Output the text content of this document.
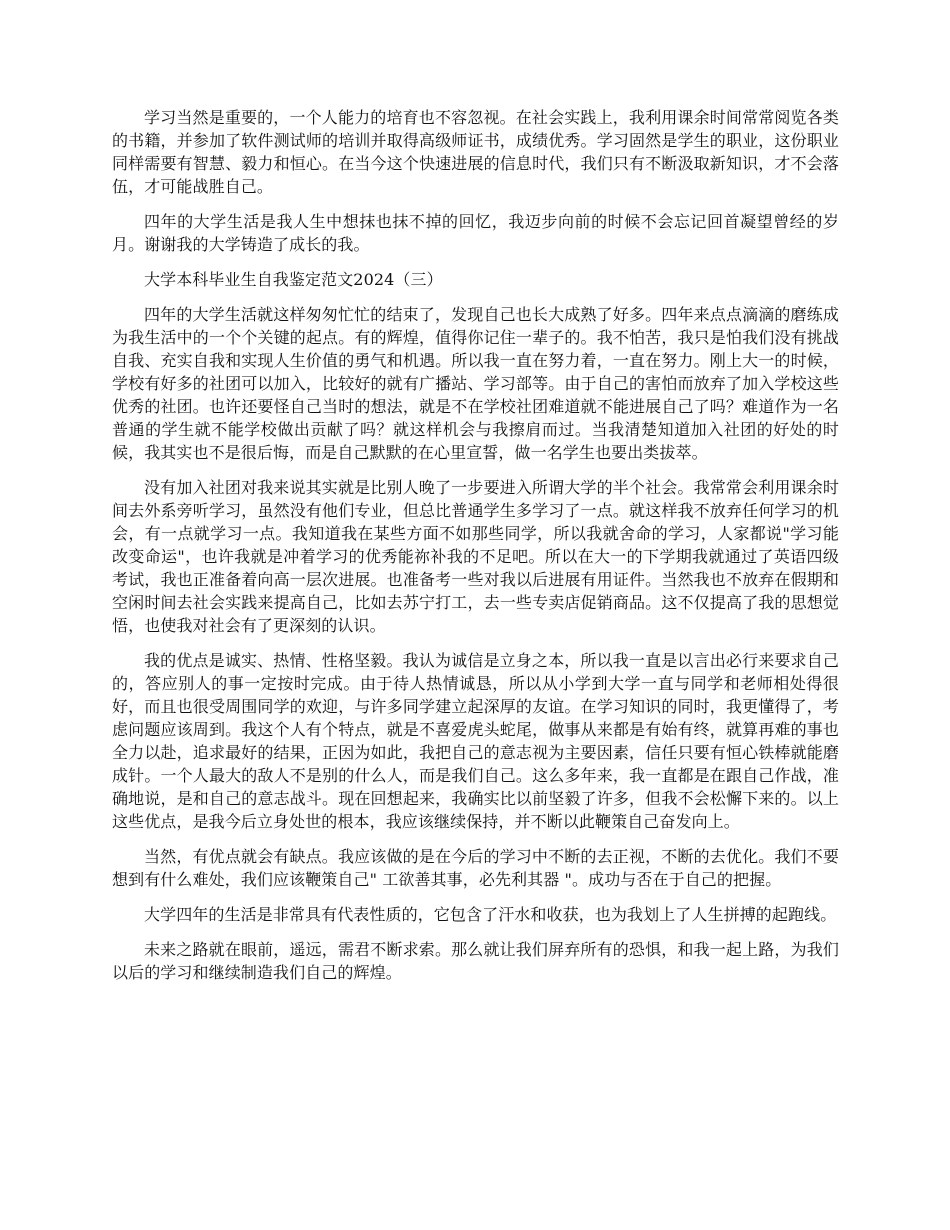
学习当然是重要的，一个人能力的培育也不容忽视。在社会实践上，我利用课余时间常常阅览各类的书籍，并参加了软件测试师的培训并取得高级师证书，成绩优秀。学习固然是学生的职业，这份职业同样需要有智慧、毅力和恒心。在当今这个快速进展的信息时代，我们只有不断汲取新知识，才不会落伍，才可能战胜自己。

四年的大学生活是我人生中想抹也抹不掉的回忆，我迈步向前的时候不会忘记回首凝望曾经的岁月。谢谢我的大学铸造了成长的我。

大学本科毕业生自我鉴定范文2024（三）

四年的大学生活就这样匆匆忙忙的结束了，发现自己也长大成熟了好多。四年来点点滴滴的磨练成为我生活中的一个个关键的起点。有的辉煌，值得你记住一辈子的。我不怕苦，我只是怕我们没有挑战自我、充实自我和实现人生价值的勇气和机遇。所以我一直在努力着，一直在努力。刚上大一的时候，学校有好多的社团可以加入，比较好的就有广播站、学习部等。由于自己的害怕而放弃了加入学校这些优秀的社团。也许还要怪自己当时的想法，就是不在学校社团难道就不能进展自己了吗？难道作为一名普通的学生就不能学校做出贡献了吗？就这样机会与我擦肩而过。当我清楚知道加入社团的好处的时候，我其实也不是很后悔，而是自己默默的在心里宣誓，做一名学生也要出类拔萃。

没有加入社团对我来说其实就是比别人晚了一步要进入所谓大学的半个社会。我常常会利用课余时间去外系旁听学习，虽然没有他们专业，但总比普通学生多学习了一点。就这样我不放弃任何学习的机会，有一点就学习一点。我知道我在某些方面不如那些同学，所以我就舍命的学习，人家都说"学习能改变命运"，也许我就是冲着学习的优秀能祢补我的不足吧。所以在大一的下学期我就通过了英语四级考试，我也正准备着向高一层次进展。也准备考一些对我以后进展有用证件。当然我也不放弃在假期和空闲时间去社会实践来提高自己，比如去苏宁打工，去一些专卖店促销商品。这不仅提高了我的思想觉悟，也使我对社会有了更深刻的认识。

我的优点是诚实、热情、性格坚毅。我认为诚信是立身之本，所以我一直是以言出必行来要求自己的，答应别人的事一定按时完成。由于待人热情诚恳，所以从小学到大学一直与同学和老师相处得很好，而且也很受周围同学的欢迎，与许多同学建立起深厚的友谊。在学习知识的同时，我更懂得了，考虑问题应该周到。我这个人有个特点，就是不喜爱虎头蛇尾，做事从来都是有始有终，就算再难的事也全力以赴，追求最好的结果，正因为如此，我把自己的意志视为主要因素，信任只要有恒心铁棒就能磨成针。一个人最大的敌人不是别的什么人，而是我们自己。这么多年来，我一直都是在跟自己作战，准确地说，是和自己的意志战斗。现在回想起来，我确实比以前坚毅了许多，但我不会松懈下来的。以上这些优点，是我今后立身处世的根本，我应该继续保持，并不断以此鞭策自己奋发向上。

当然，有优点就会有缺点。我应该做的是在今后的学习中不断的去正视，不断的去优化。我们不要想到有什么难处，我们应该鞭策自己" 工欲善其事，必先利其器 "。成功与否在于自己的把握。

大学四年的生活是非常具有代表性质的，它包含了汗水和收获，也为我划上了人生拼搏的起跑线。

未来之路就在眼前，遥远，需君不断求索。那么就让我们屏弃所有的恐惧，和我一起上路，为我们以后的学习和继续制造我们自己的辉煌。
